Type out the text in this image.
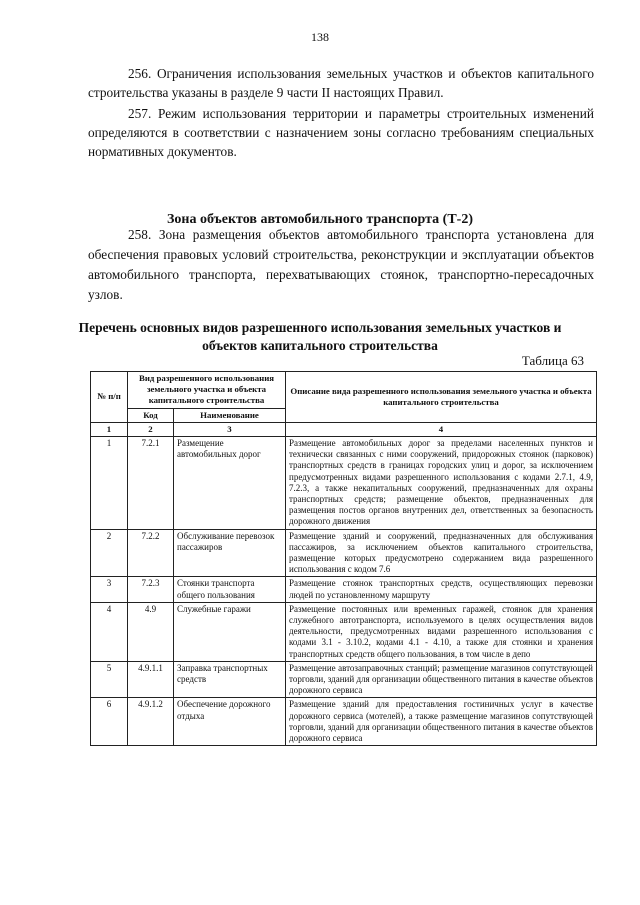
138

256. Ограничения использования земельных участков и объектов капитального строительства указаны в разделе 9 части II настоящих Правил.

257. Режим использования территории и параметры строительных изменений определяются в соответствии с назначением зоны согласно требованиям специальных нормативных документов.

Зона объектов автомобильного транспорта (Т-2)

258. Зона размещения объектов автомобильного транспорта установлена для обеспечения правовых условий строительства, реконструкции и эксплуатации объектов автомобильного транспорта, перехватывающих стоянок, транспортно-пересадочных узлов.

Перечень основных видов разрешенного использования земельных участков и объектов капитального строительства

Таблица 63
№ п/п	Вид разрешенного использования земельного участка и объекта капитального строительства		Описание вида разрешенного использования земельного участка и объекта капитального строительства
	Код	Наименование	
1	2	3	4
1	7.2.1	Размещение автомобильных дорог	Размещение автомобильных дорог за пределами населенных пунктов и технически связанных с ними сооружений, придорожных стоянок (парковок) транспортных средств в границах городских улиц и дорог, за исключением предусмотренных видами разрешенного использования с кодами 2.7.1, 4.9, 7.2.3, а также некапитальных сооружений, предназначенных для охраны транспортных средств; размещение объектов, предназначенных для размещения постов органов внутренних дел, ответственных за безопасность дорожного движения
2	7.2.2	Обслуживание перевозок пассажиров	Размещение зданий и сооружений, предназначенных для обслуживания пассажиров, за исключением объектов капитального строительства, размещение которых предусмотрено содержанием вида разрешенного использования с кодом 7.6
3	7.2.3	Стоянки транспорта общего пользования	Размещение стоянок транспортных средств, осуществляющих перевозки людей по установленному маршруту
4	4.9	Служебные гаражи	Размещение постоянных или временных гаражей, стоянок для хранения служебного автотранспорта, используемого в целях осуществления видов деятельности, предусмотренных видами разрешенного использования с кодами 3.1 - 3.10.2, кодами 4.1 - 4.10, а также для стоянки и хранения транспортных средств общего пользования, в том числе в депо
5	4.9.1.1	Заправка транспортных средств	Размещение автозаправочных станций; размещение магазинов сопутствующей торговли, зданий для организации общественного питания в качестве объектов дорожного сервиса
6	4.9.1.2	Обеспечение дорожного отдыха	Размещение зданий для предоставления гостиничных услуг в качестве дорожного сервиса (мотелей), а также размещение магазинов сопутствующей торговли, зданий для организации общественного питания в качестве объектов дорожного сервиса
